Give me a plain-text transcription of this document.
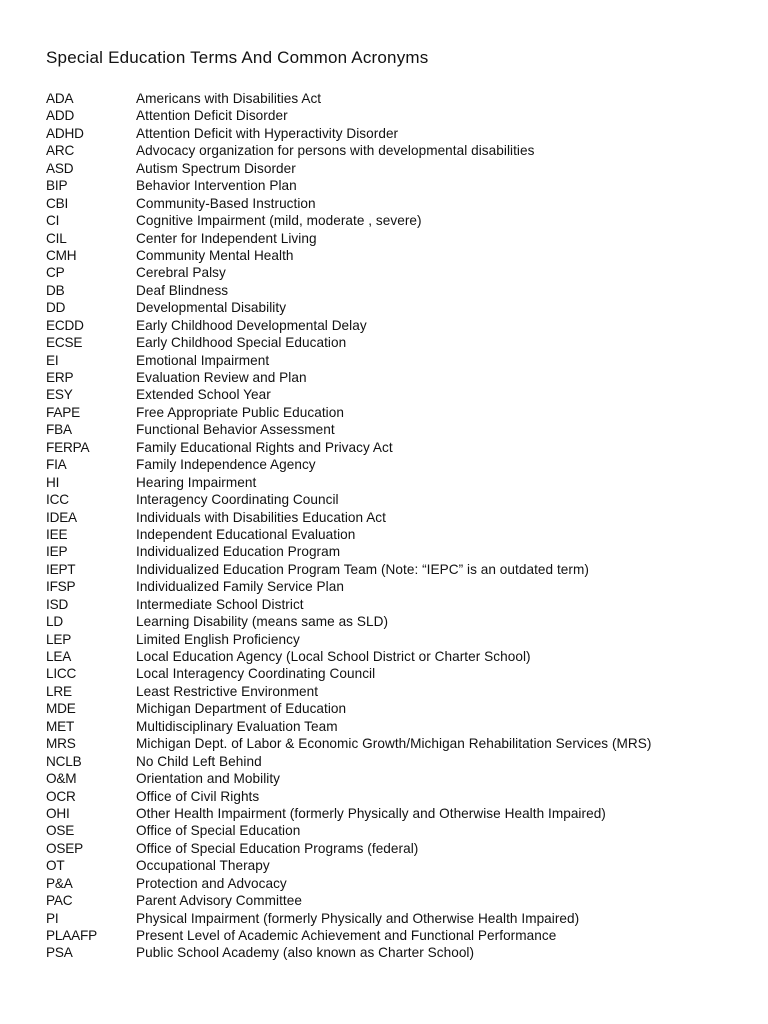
Special Education Terms And Common Acronyms
ADA	Americans with Disabilities Act
ADD	Attention Deficit Disorder
ADHD	Attention Deficit with Hyperactivity Disorder
ARC	Advocacy organization for persons with developmental disabilities
ASD	Autism Spectrum Disorder
BIP	Behavior Intervention Plan
CBI	Community-Based Instruction
CI	Cognitive Impairment (mild, moderate , severe)
CIL	Center for Independent Living
CMH	Community Mental Health
CP	Cerebral Palsy
DB	Deaf Blindness
DD	Developmental Disability
ECDD	Early Childhood Developmental Delay
ECSE	Early Childhood Special Education
EI	Emotional Impairment
ERP	Evaluation Review and Plan
ESY	Extended School Year
FAPE	Free Appropriate Public Education
FBA	Functional Behavior Assessment
FERPA	Family Educational Rights and Privacy Act
FIA	Family Independence Agency
HI	Hearing Impairment
ICC	Interagency Coordinating Council
IDEA	Individuals with Disabilities Education Act
IEE	Independent Educational Evaluation
IEP	Individualized Education Program
IEPT	Individualized Education Program Team (Note: “IEPC” is an outdated term)
IFSP	Individualized Family Service Plan
ISD	Intermediate School District
LD	Learning Disability (means same as SLD)
LEP	Limited English Proficiency
LEA	Local Education Agency (Local School District or Charter School)
LICC	Local Interagency Coordinating Council
LRE	Least Restrictive Environment
MDE	Michigan Department of Education
MET	Multidisciplinary Evaluation Team
MRS	Michigan Dept. of Labor & Economic Growth/Michigan Rehabilitation Services (MRS)
NCLB	No Child Left Behind
O&M	Orientation and Mobility
OCR	Office of Civil Rights
OHI	Other Health Impairment (formerly Physically and Otherwise Health Impaired)
OSE	Office of Special Education
OSEP	Office of Special Education Programs (federal)
OT	Occupational Therapy
P&A	Protection and Advocacy
PAC	Parent Advisory Committee
PI	Physical Impairment (formerly Physically and Otherwise Health Impaired)
PLAAFP	Present Level of Academic Achievement and Functional Performance
PSA	Public School Academy (also known as Charter School)
